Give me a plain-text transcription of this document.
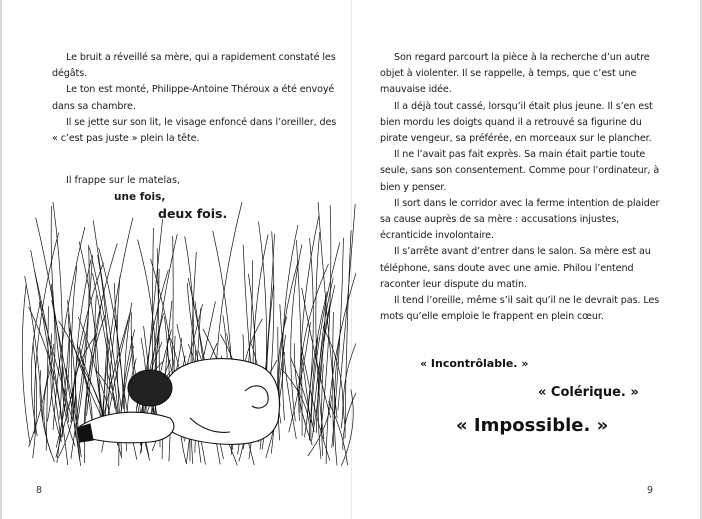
Le bruit a réveillé sa mère, qui a rapidement constaté les dégâts.

Le ton est monté, Philippe-Antoine Théroux a été envoyé dans sa chambre.

Il se jette sur son lit, le visage enfoncé dans l’oreiller, des « c’est pas juste » plein la tête.

Il frappe sur le matelas,
une fois,
deux fois.

Son regard parcourt la pièce à la recherche d’un autre objet à violenter. Il se rappelle, à temps, que c’est une mauvaise idée.

Il a déjà tout cassé, lorsqu’il était plus jeune. Il s’en est bien mordu les doigts quand il a retrouvé sa figurine du pirate vengeur, sa préférée, en morceaux sur le plancher.

Il ne l’avait pas fait exprès. Sa main était partie toute seule, sans son consentement. Comme pour l’ordinateur, à bien y penser.

Il sort dans le corridor avec la ferme intention de plaider sa cause auprès de sa mère : accusations injustes, écranticide involontaire.

Il s’arrête avant d’entrer dans le salon. Sa mère est au téléphone, sans doute avec une amie. Philou l’entend raconter leur dispute du matin.

Il tend l’oreille, même s’il sait qu’il ne le devrait pas. Les mots qu’elle emploie le frappent en plein cœur.

« Incontrôlable. »
« Colérique. »
« Impossible. »
8	9
